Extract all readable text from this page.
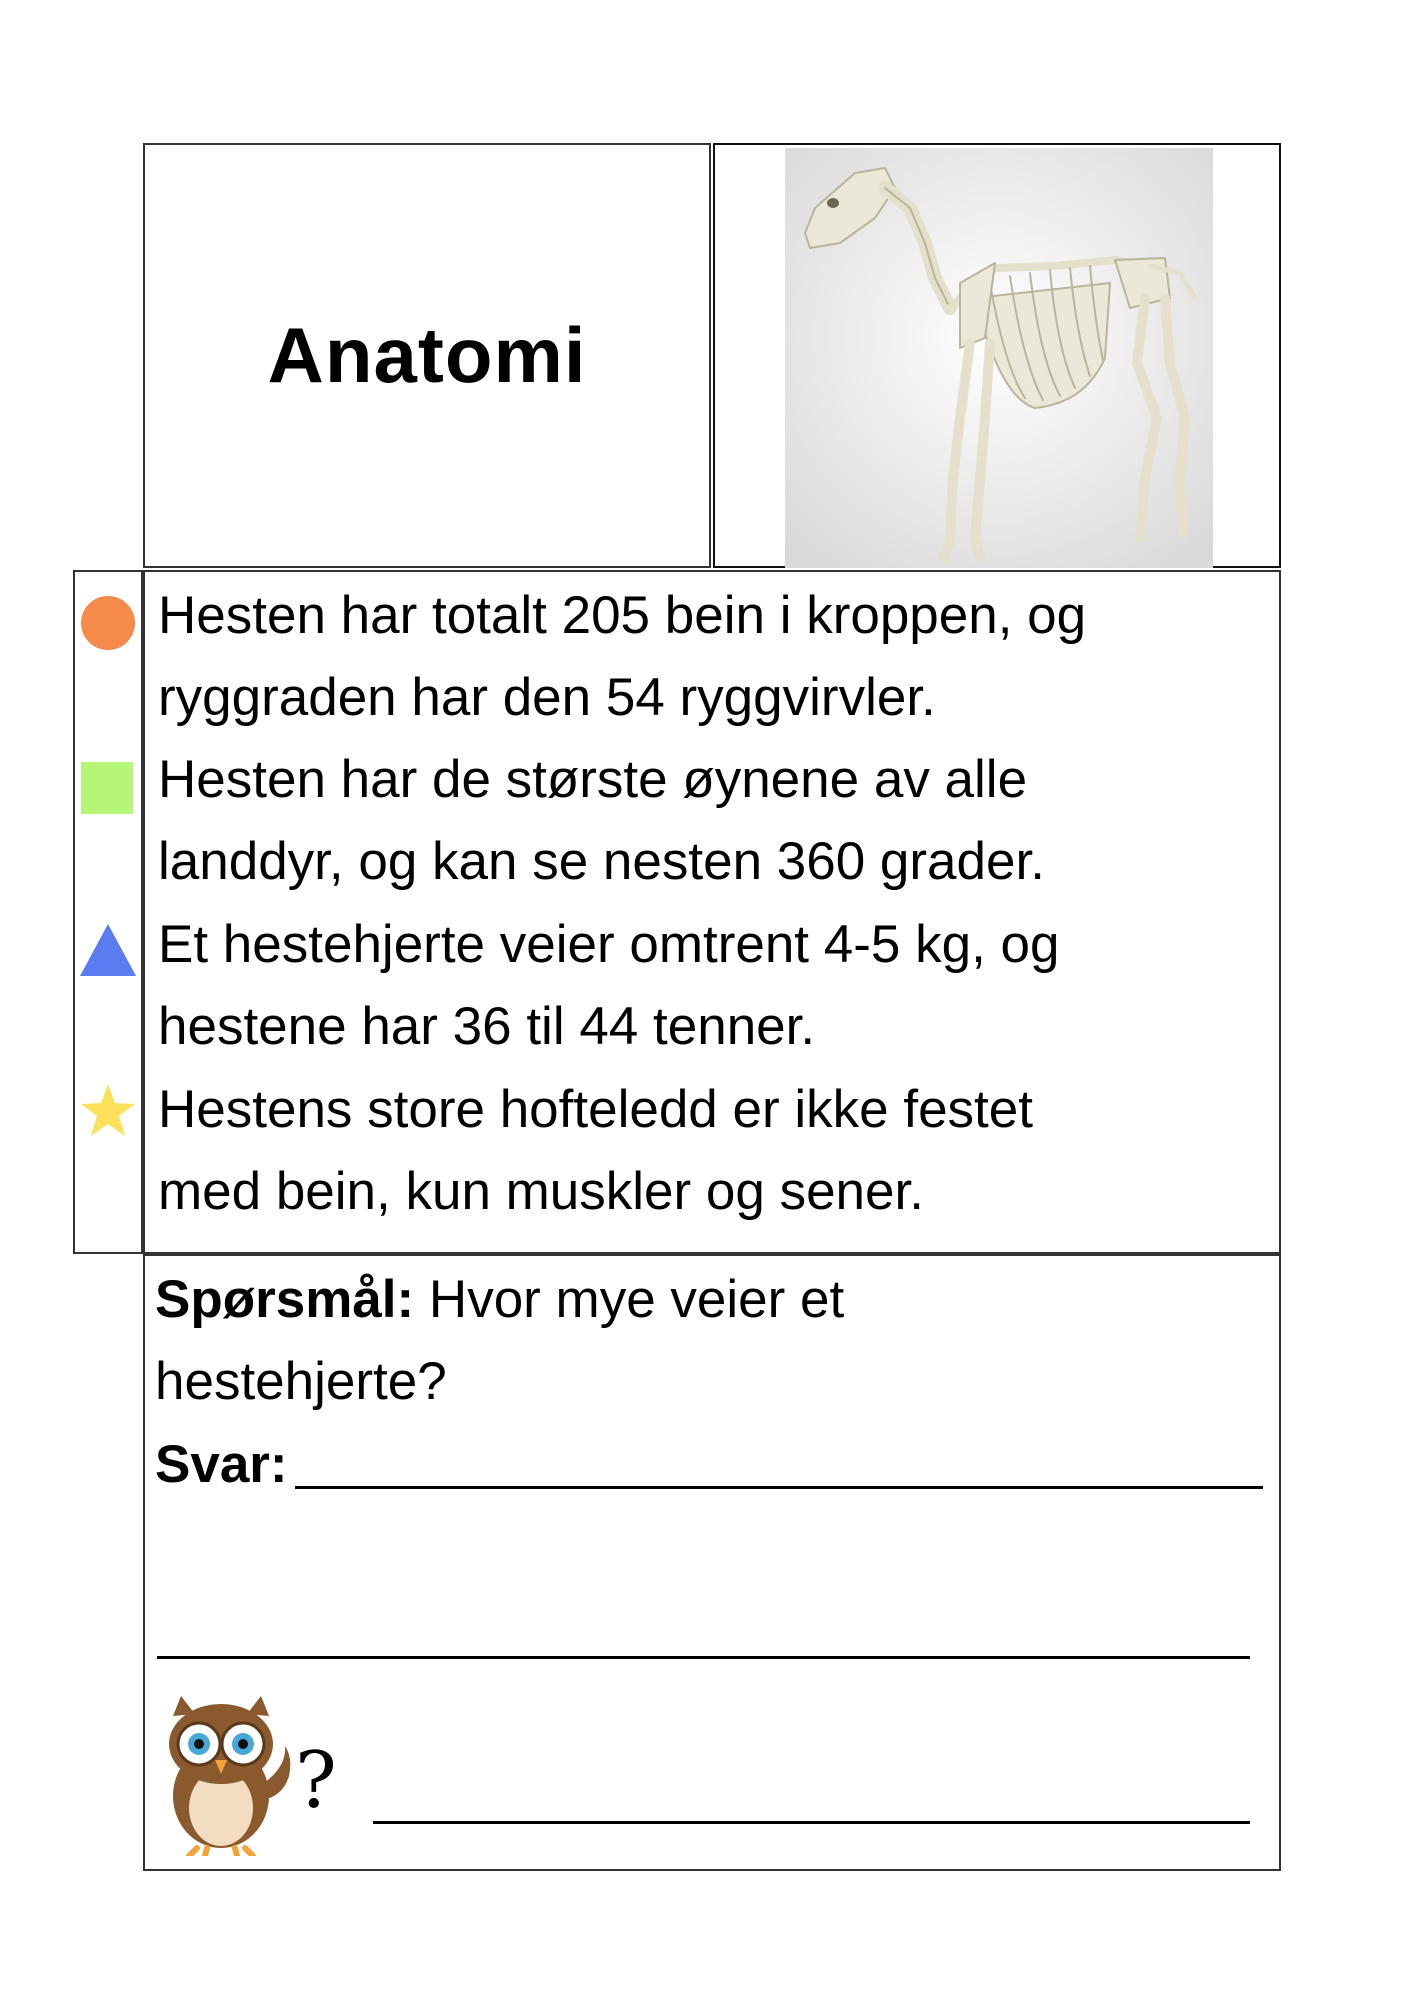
Anatomi

Hesten har totalt 205 bein i kroppen, og
ryggraden har den 54 ryggvirvler.

Hesten har de største øynene av alle
landdyr, og kan se nesten 360 grader.

Et hestehjerte veier omtrent 4-5 kg, og
hestene har 36 til 44 tenner.

Hestens store hofteledd er ikke festet
med bein, kun muskler og sener.

Spørsmål: Hvor mye veier et
hestehjerte?

Svar:

?
